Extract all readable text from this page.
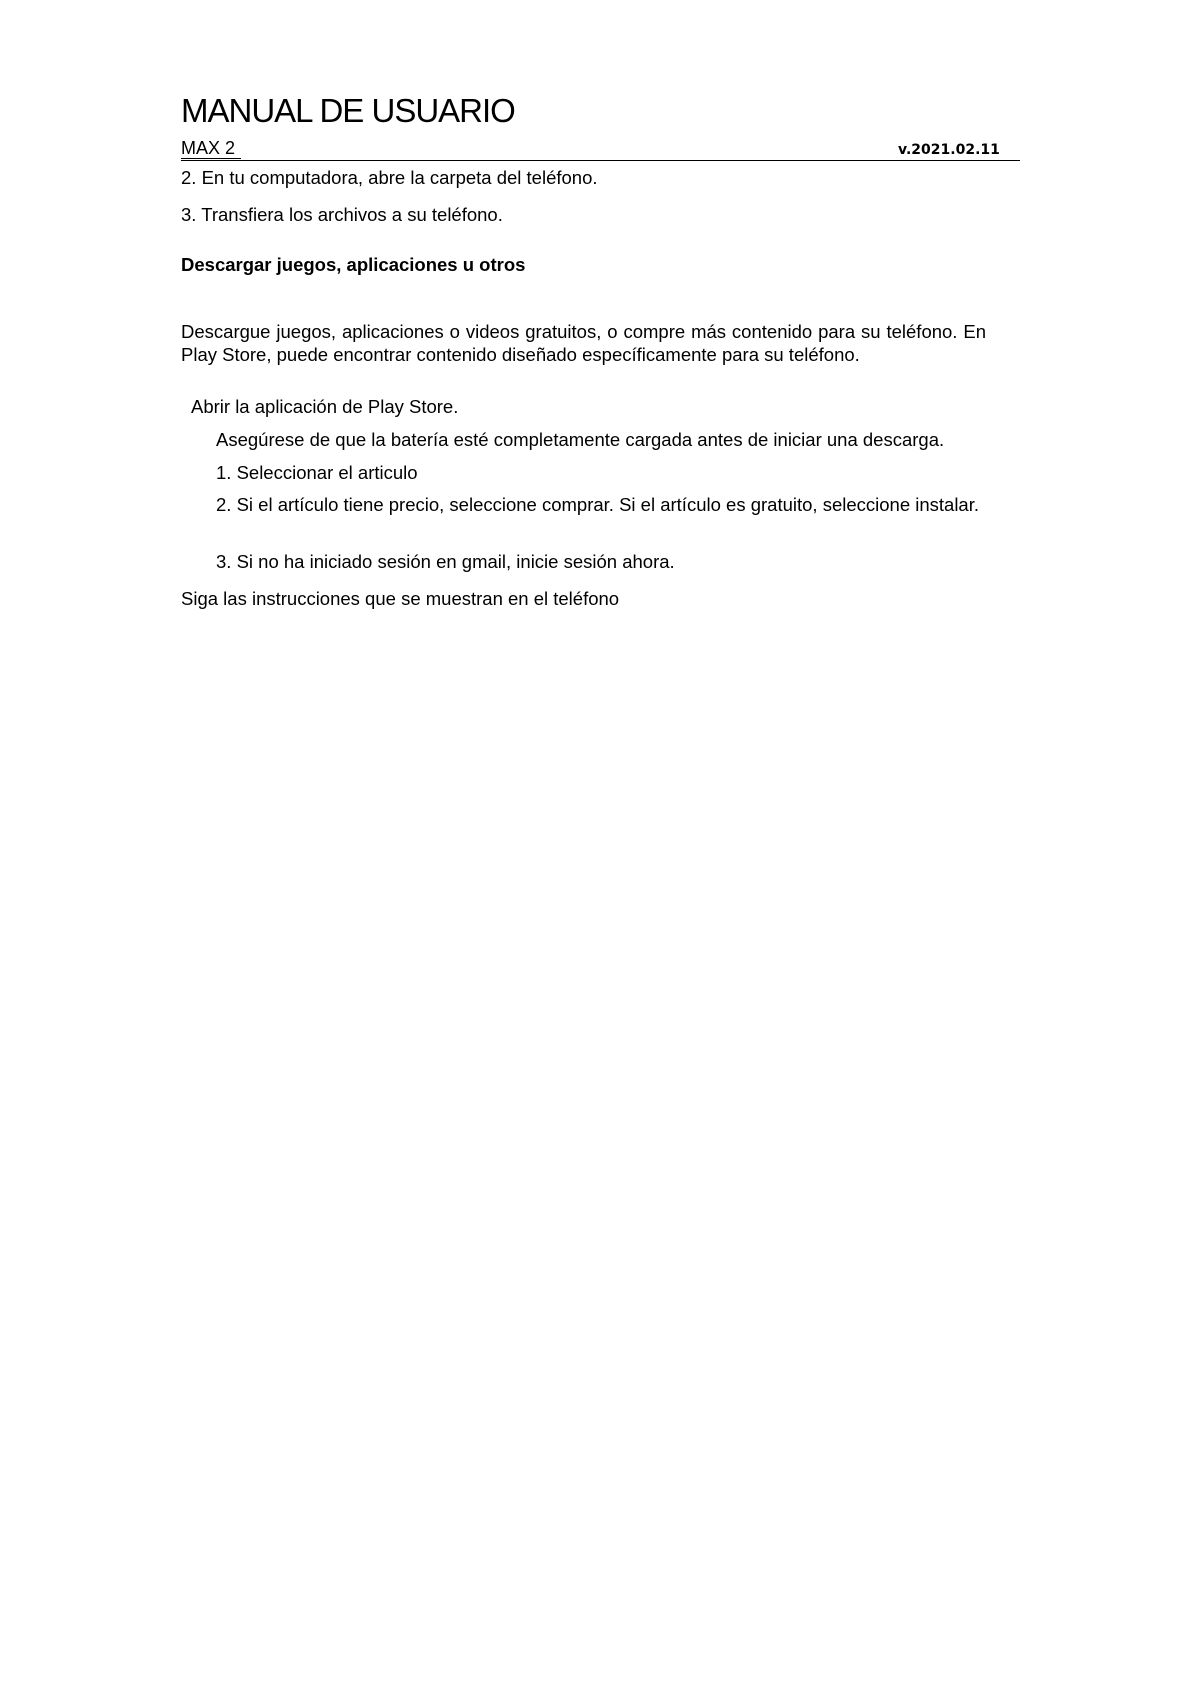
MANUAL DE USUARIO
MAX 2	v.2021.02.11
2. En tu computadora, abre la carpeta del teléfono.
3. Transfiera los archivos a su teléfono.
Descargar juegos, aplicaciones u otros
Descargue juegos, aplicaciones o videos gratuitos, o compre más contenido para su teléfono. En Play Store, puede encontrar contenido diseñado específicamente para su teléfono.
Abrir la aplicación de Play Store.
Asegúrese de que la batería esté completamente cargada antes de iniciar una descarga.
1. Seleccionar el articulo
2. Si el artículo tiene precio, seleccione comprar. Si el artículo es gratuito, seleccione instalar.
3. Si no ha iniciado sesión en gmail, inicie sesión ahora.
Siga las instrucciones que se muestran en el teléfono
